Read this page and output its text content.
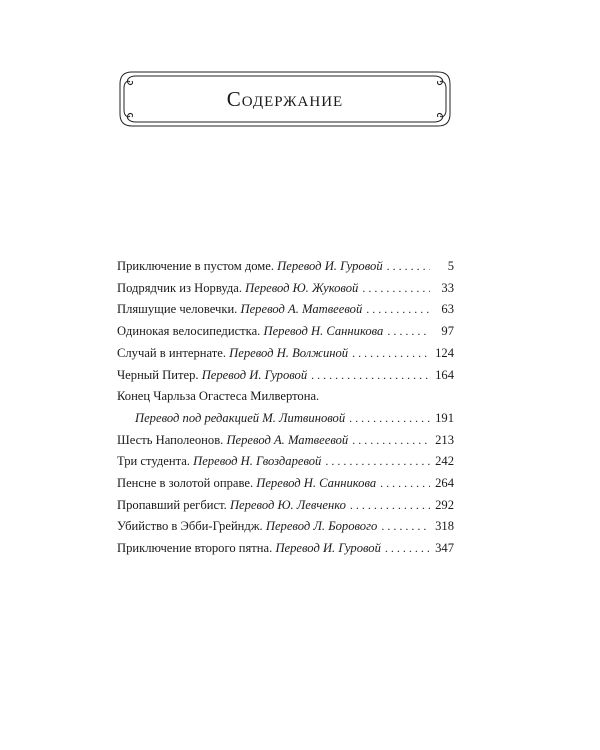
Содержание
Приключение в пустом доме. Перевод И. Гуровой . . .	5
Подрядчик из Норвуда. Перевод Ю. Жуковой . . .	33
Пляшущие человечки. Перевод А. Матвеевой . . .	63
Одинокая велосипедистка. Перевод Н. Санникова . . .	97
Случай в интернате. Перевод Н. Волжиной . . .	124
Черный Питер. Перевод И. Гуровой . . .	164
Конец Чарльза Огастеса Милвертона.
Перевод под редакцией М. Литвиновой . . .	191
Шесть Наполеонов. Перевод А. Матвеевой . . .	213
Три студента. Перевод Н. Гвоздаревой . . .	242
Пенсне в золотой оправе. Перевод Н. Санникова . . .	264
Пропавший регбист. Перевод Ю. Левченко . . .	292
Убийство в Эбби-Грейндж. Перевод Л. Борового . . .	318
Приключение второго пятна. Перевод И. Гуровой . . .	347
